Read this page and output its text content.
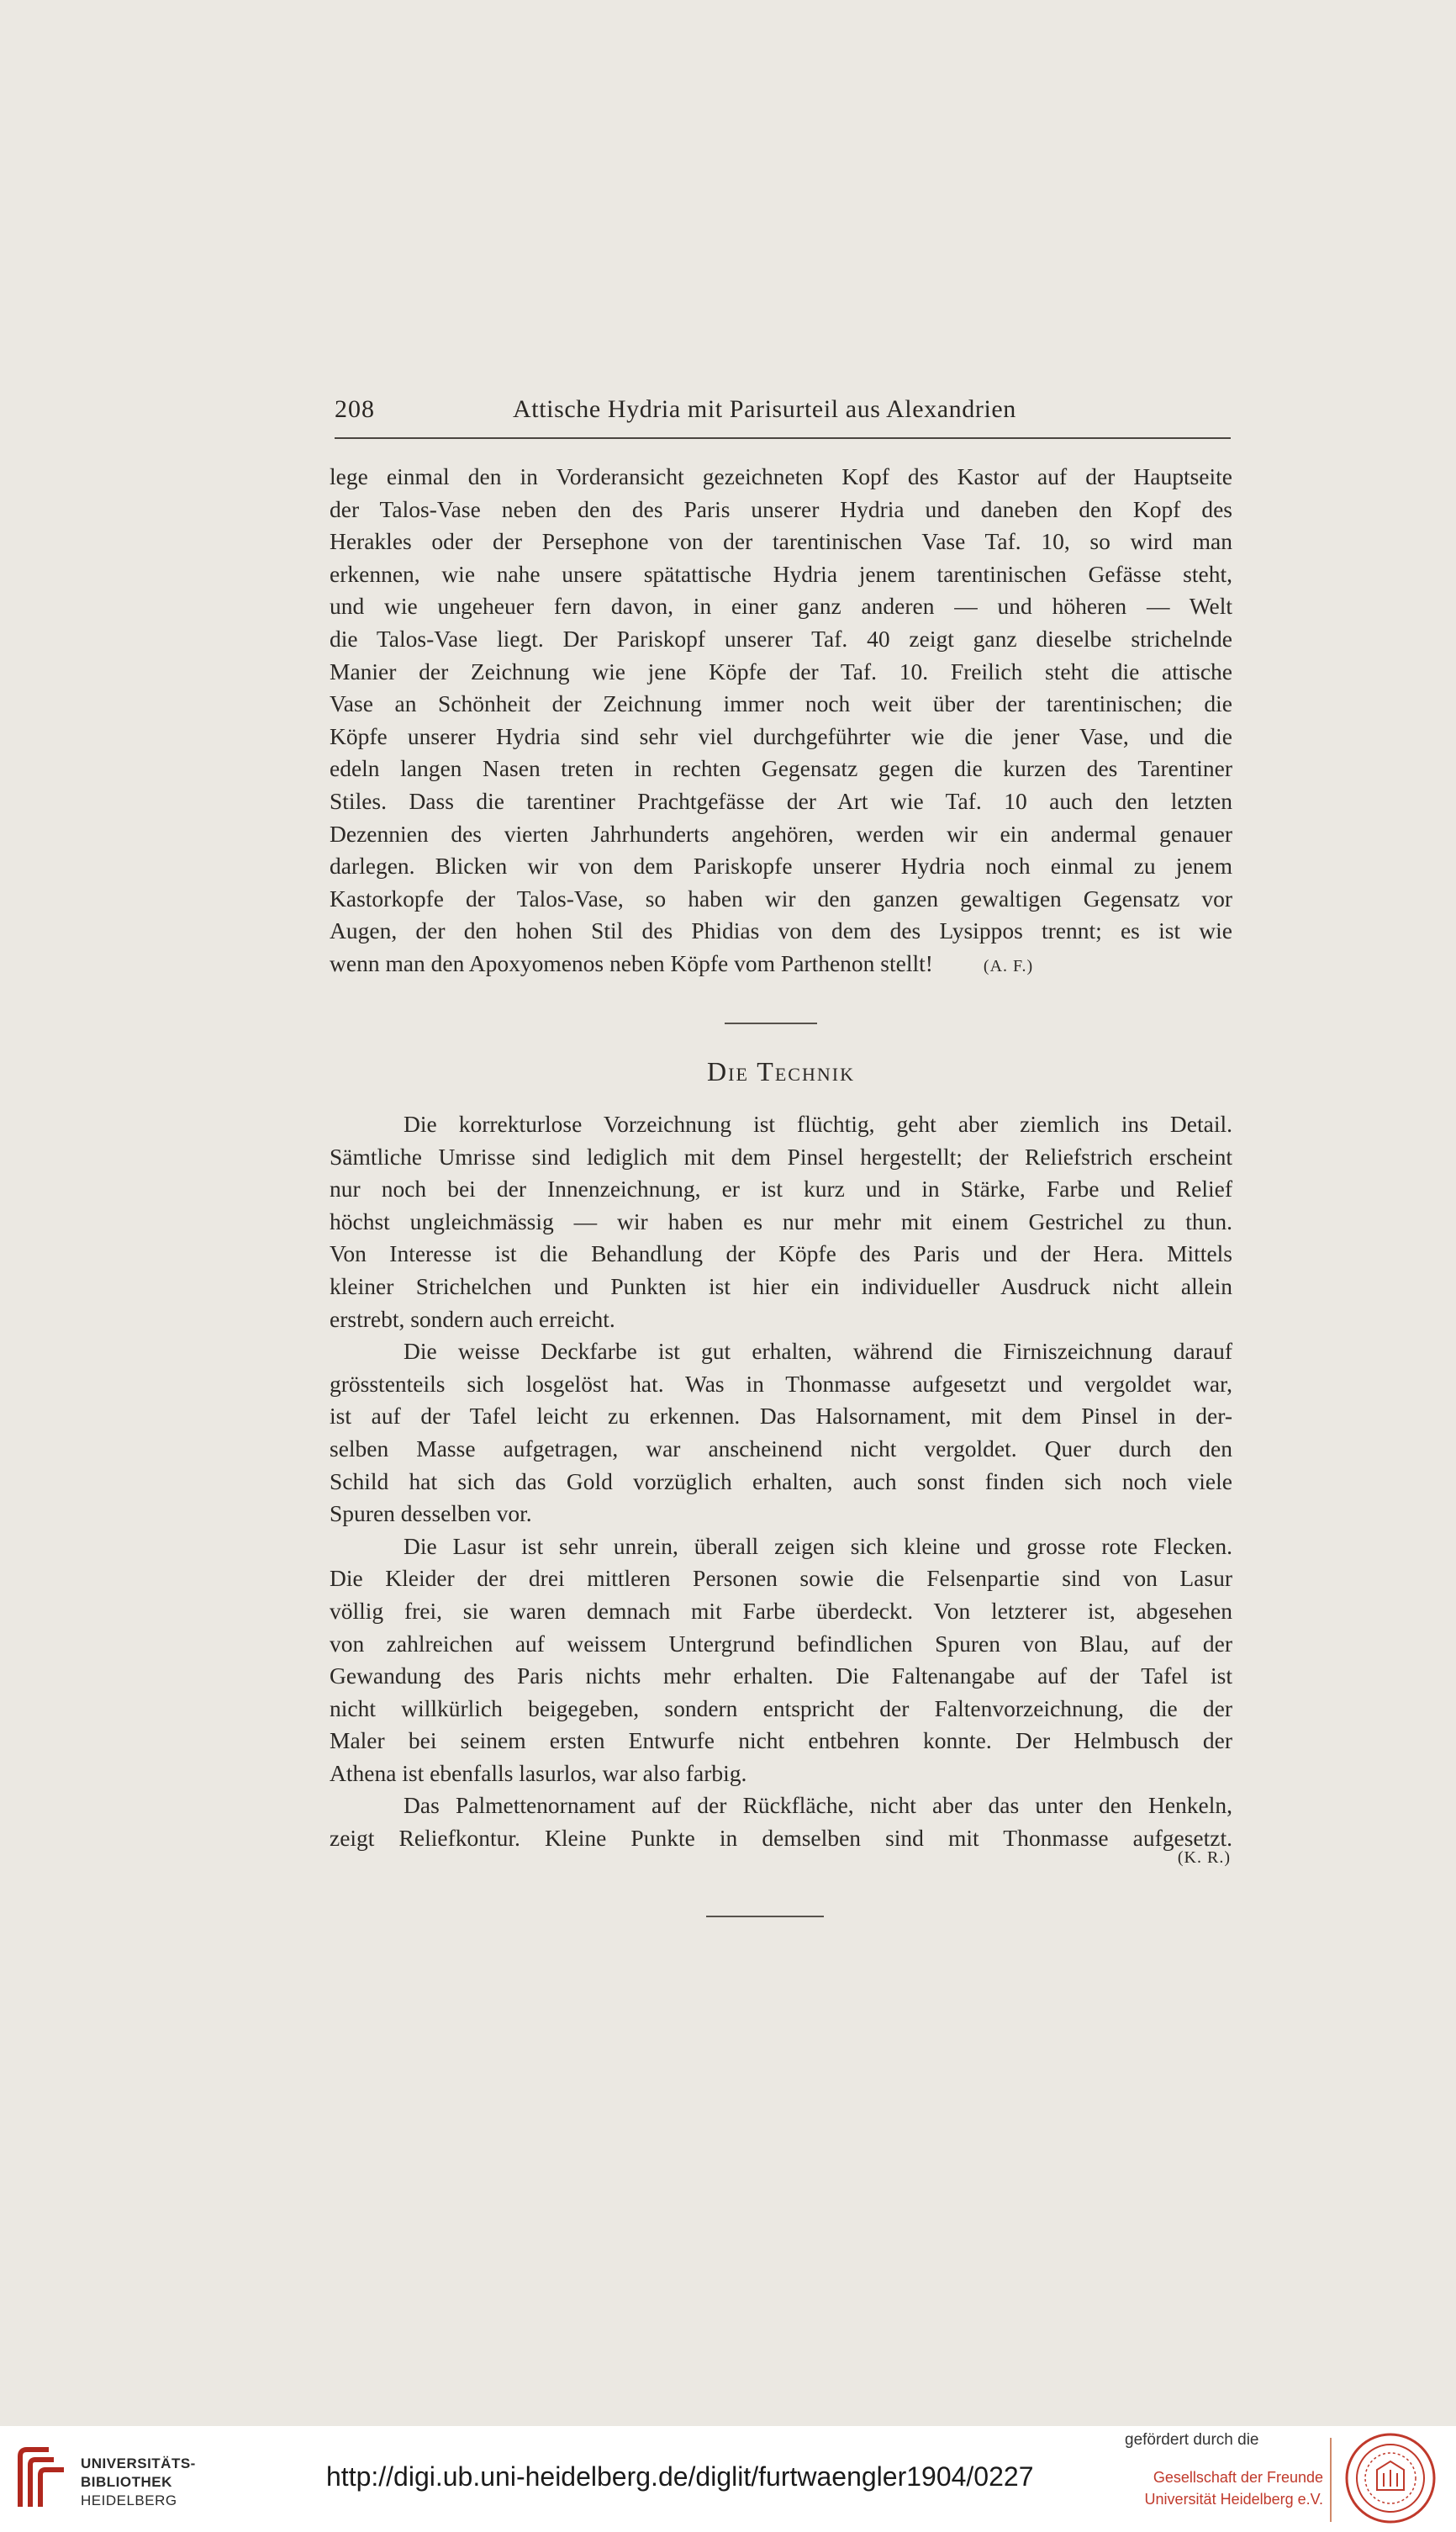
208	Attische Hydria mit Parisurteil aus Alexandrien
lege einmal den in Vorderansicht gezeichneten Kopf des Kastor auf der Hauptseite
der Talos-Vase neben den des Paris unserer Hydria und daneben den Kopf des
Herakles oder der Persephone von der tarentinischen Vase Taf. 10, so wird man
erkennen, wie nahe unsere spätattische Hydria jenem tarentinischen Gefässe steht,
und wie ungeheuer fern davon, in einer ganz anderen — und höheren — Welt
die Talos-Vase liegt. Der Pariskopf unserer Taf. 40 zeigt ganz dieselbe strichelnde
Manier der Zeichnung wie jene Köpfe der Taf. 10. Freilich steht die attische
Vase an Schönheit der Zeichnung immer noch weit über der tarentinischen; die
Köpfe unserer Hydria sind sehr viel durchgeführter wie die jener Vase, und die
edeln langen Nasen treten in rechten Gegensatz gegen die kurzen des Tarentiner
Stiles. Dass die tarentiner Prachtgefässe der Art wie Taf. 10 auch den letzten
Dezennien des vierten Jahrhunderts angehören, werden wir ein andermal genauer
darlegen. Blicken wir von dem Pariskopfe unserer Hydria noch einmal zu jenem
Kastorkopfe der Talos-Vase, so haben wir den ganzen gewaltigen Gegensatz vor
Augen, der den hohen Stil des Phidias von dem des Lysippos trennt; es ist wie
wenn man den Apoxyomenos neben Köpfe vom Parthenon stellt!	(A. F.)
Die Technik
Die korrekturlose Vorzeichnung ist flüchtig, geht aber ziemlich ins Detail.
Sämtliche Umrisse sind lediglich mit dem Pinsel hergestellt; der Reliefstrich erscheint
nur noch bei der Innenzeichnung, er ist kurz und in Stärke, Farbe und Relief
höchst ungleichmässig — wir haben es nur mehr mit einem Gestrichel zu thun.
Von Interesse ist die Behandlung der Köpfe des Paris und der Hera. Mittels
kleiner Strichelchen und Punkten ist hier ein individueller Ausdruck nicht allein
erstrebt, sondern auch erreicht.
Die weisse Deckfarbe ist gut erhalten, während die Firniszeichnung darauf
grösstenteils sich losgelöst hat. Was in Thonmasse aufgesetzt und vergoldet war,
ist auf der Tafel leicht zu erkennen. Das Halsornament, mit dem Pinsel in der-
selben Masse aufgetragen, war anscheinend nicht vergoldet. Quer durch den
Schild hat sich das Gold vorzüglich erhalten, auch sonst finden sich noch viele
Spuren desselben vor.
Die Lasur ist sehr unrein, überall zeigen sich kleine und grosse rote Flecken.
Die Kleider der drei mittleren Personen sowie die Felsenpartie sind von Lasur
völlig frei, sie waren demnach mit Farbe überdeckt. Von letzterer ist, abgesehen
von zahlreichen auf weissem Untergrund befindlichen Spuren von Blau, auf der
Gewandung des Paris nichts mehr erhalten. Die Faltenangabe auf der Tafel ist
nicht willkürlich beigegeben, sondern entspricht der Faltenvorzeichnung, die der
Maler bei seinem ersten Entwurfe nicht entbehren konnte. Der Helmbusch der
Athena ist ebenfalls lasurlos, war also farbig.
Das Palmettenornament auf der Rückfläche, nicht aber das unter den Henkeln,
zeigt Reliefkontur. Kleine Punkte in demselben sind mit Thonmasse aufgesetzt.
(K. R.)
UNIVERSITÄTS-
BIBLIOTHEK
HEIDELBERG
http://digi.ub.uni-heidelberg.de/diglit/furtwaengler1904/0227
gefördert durch die
Gesellschaft der Freunde
Universität Heidelberg e.V.
